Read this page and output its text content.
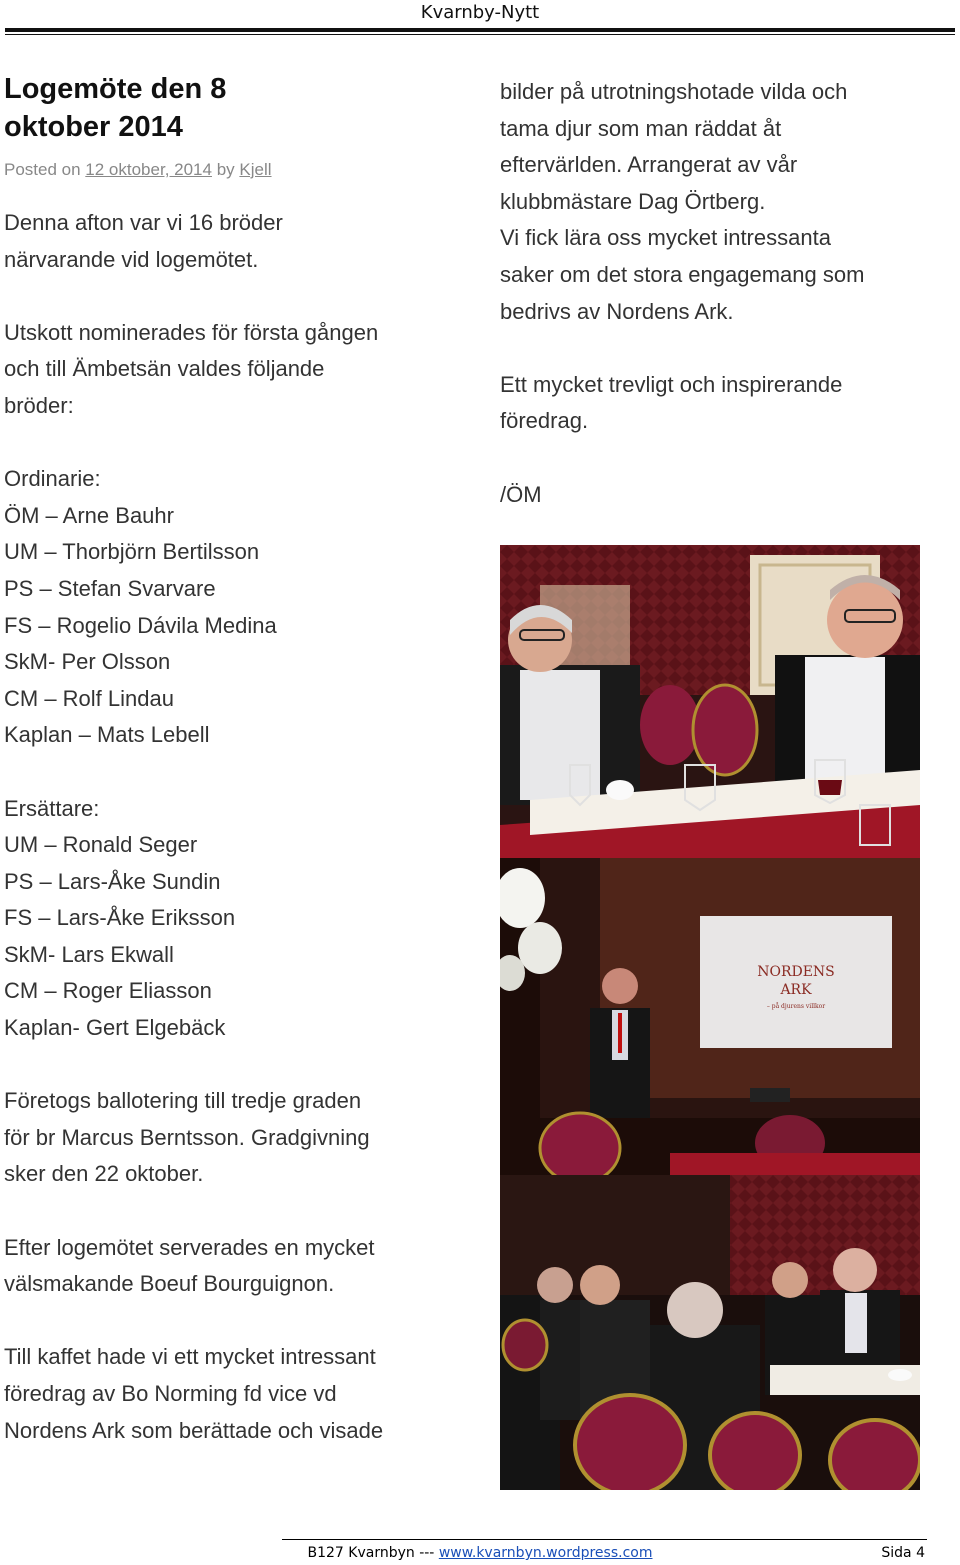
Kvarnby-Nytt
Logemöte den 8
oktober 2014
Posted on 12 oktober, 2014 by Kjell

Denna afton var vi 16 bröder
närvarande vid logemötet.

Utskott nominerades för första gången
och till Ämbetsän valdes följande
bröder:

Ordinarie:
ÖM – Arne Bauhr
UM – Thorbjörn Bertilsson
PS – Stefan Svarvare
FS – Rogelio Dávila Medina
SkM- Per Olsson
CM – Rolf Lindau
Kaplan – Mats Lebell

Ersättare:
UM – Ronald Seger
PS – Lars-Åke Sundin
FS – Lars-Åke Eriksson
SkM- Lars Ekwall
CM – Roger Eliasson
Kaplan- Gert Elgebäck

Företogs ballotering till tredje graden
för br Marcus Berntsson. Gradgivning
sker den 22 oktober.

Efter logemötet serverades en mycket
välsmakande Boeuf Bourguignon.

Till kaffet hade vi ett mycket intressant
föredrag av Bo Norming fd vice vd
Nordens Ark som berättade och visade

bilder på utrotningshotade vilda och
tama djur som man räddat åt
eftervärlden. Arrangerat av vår
klubbmästare Dag Örtberg.
Vi fick lära oss mycket intressanta
saker om det stora engagemang som
bedrivs av Nordens Ark.

Ett mycket trevligt och inspirerande
föredrag.

/ÖM

NORDENS
ARK
– på djurens villkor
B127 Kvarnbyn --- www.kvarnbyn.wordpress.com	Sida 4
